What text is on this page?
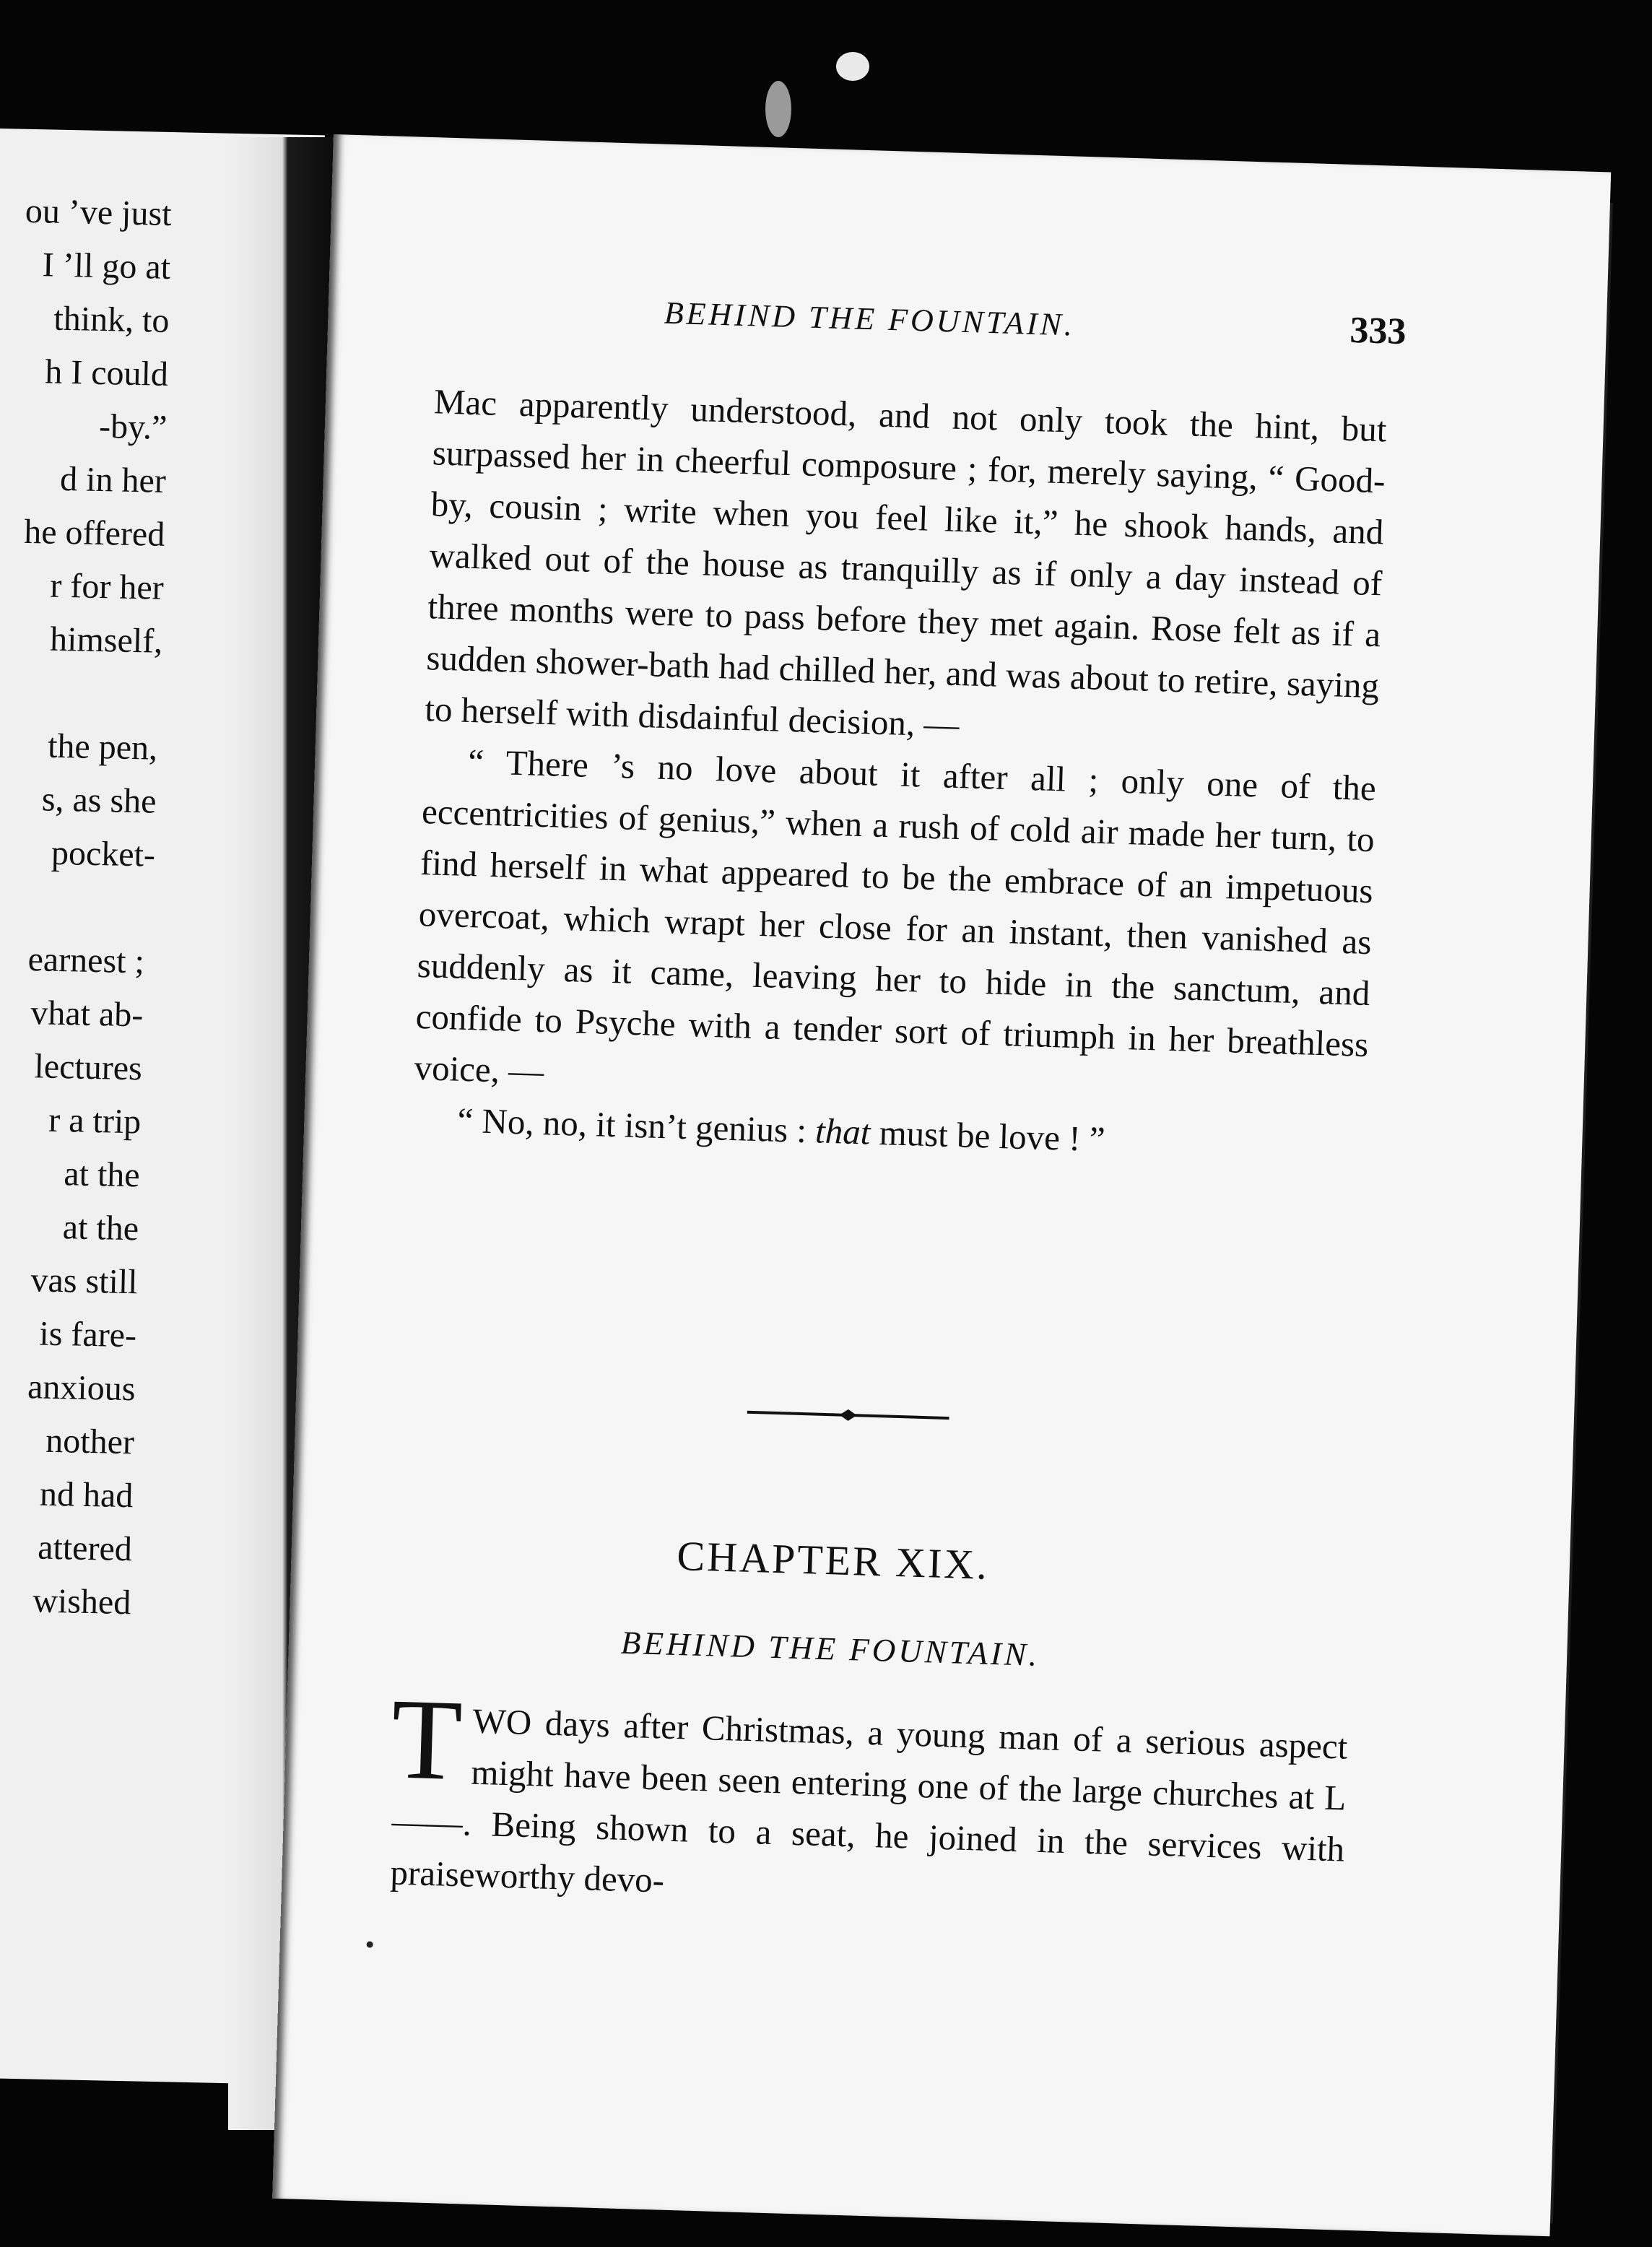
ou ’ve just
I ’ll go at
think, to
h I could
-by.”
d in her
he offered
r for her
himself,
the pen,
s, as she
pocket-
earnest ;
vhat ab-
lectures
r a trip
at the
at the
vas still
is fare-
anxious
nother
nd had
attered
wished
BEHIND THE FOUNTAIN.	333

Mac apparently understood, and not only took the hint, but surpassed her in cheerful composure ; for, merely saying, “ Good-by, cousin ; write when you feel like it,” he shook hands, and walked out of the house as tranquilly as if only a day instead of three months were to pass before they met again. Rose felt as if a sudden shower-bath had chilled her, and was about to retire, saying to herself with disdainful decision, —

“ There ’s no love about it after all ; only one of the eccentricities of genius,” when a rush of cold air made her turn, to find herself in what appeared to be the embrace of an impetuous overcoat, which wrapt her close for an instant, then vanished as suddenly as it came, leaving her to hide in the sanctum, and confide to Psyche with a tender sort of triumph in her breathless voice, —

“ No, no, it isn’t genius : that must be love ! ”

CHAPTER XIX.
BEHIND THE FOUNTAIN.
TWO days after Christmas, a young man of a serious aspect might have been seen entering one of the large churches at L——. Being shown to a seat, he joined in the services with praiseworthy devo-
